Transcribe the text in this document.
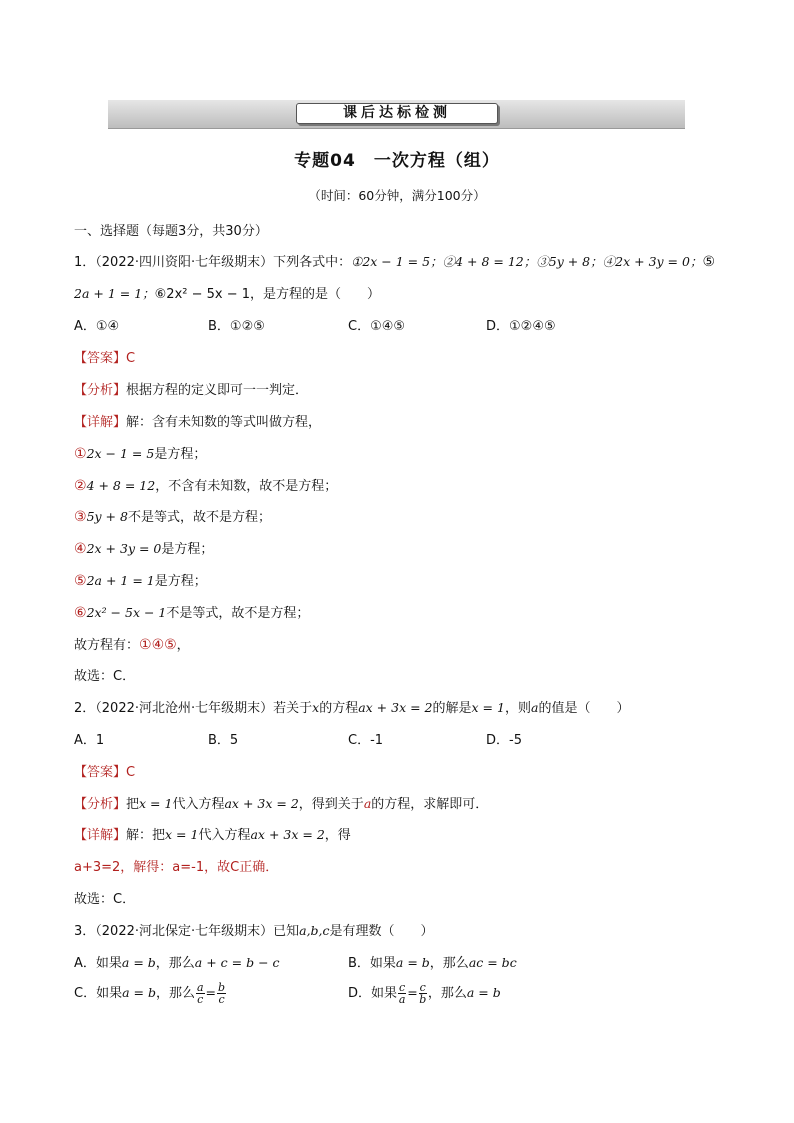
课后达标检测
专题04　一次方程（组）
（时间：60分钟，满分100分）
一、选择题（每题3分，共30分）
1．（2022·四川资阳·七年级期末）下列各式中：①2x − 1 = 5；②4 + 8 = 12；③5y + 8；④2x + 3y = 0；⑤
2a + 1 = 1；⑥2x² − 5x − 1，是方程的是（　　）
A．①④	B．①②⑤	C．①④⑤	D．①②④⑤
【答案】C
【分析】根据方程的定义即可一一判定．
【详解】解：含有未知数的等式叫做方程，
①2x − 1 = 5是方程；
②4 + 8 = 12，不含有未知数，故不是方程；
③5y + 8不是等式，故不是方程；
④2x + 3y = 0是方程；
⑤2a + 1 = 1是方程；
⑥2x² − 5x − 1不是等式，故不是方程；
故方程有：①④⑤，
故选：C．
2．（2022·河北沧州·七年级期末）若关于x的方程ax + 3x = 2的解是x = 1，则a的值是（　　）
A．1	B．5	C．-1	D．-5
【答案】C
【分析】把x = 1代入方程ax + 3x = 2，得到关于a的方程，求解即可．
【详解】解：把x = 1代入方程ax + 3x = 2，得
a+3=2，解得：a=-1，故C正确．
故选：C．
3．（2022·河北保定·七年级期末）已知a,b,c是有理数（　　）
A．如果a = b，那么a + c = b − c	B．如果a = b，那么ac = bc
C．如果a = b，那么 $\frac{a}{c} = \frac{b}{c}$	D．如果 $\frac{c}{a} = \frac{c}{b}$ ，那么a = b
